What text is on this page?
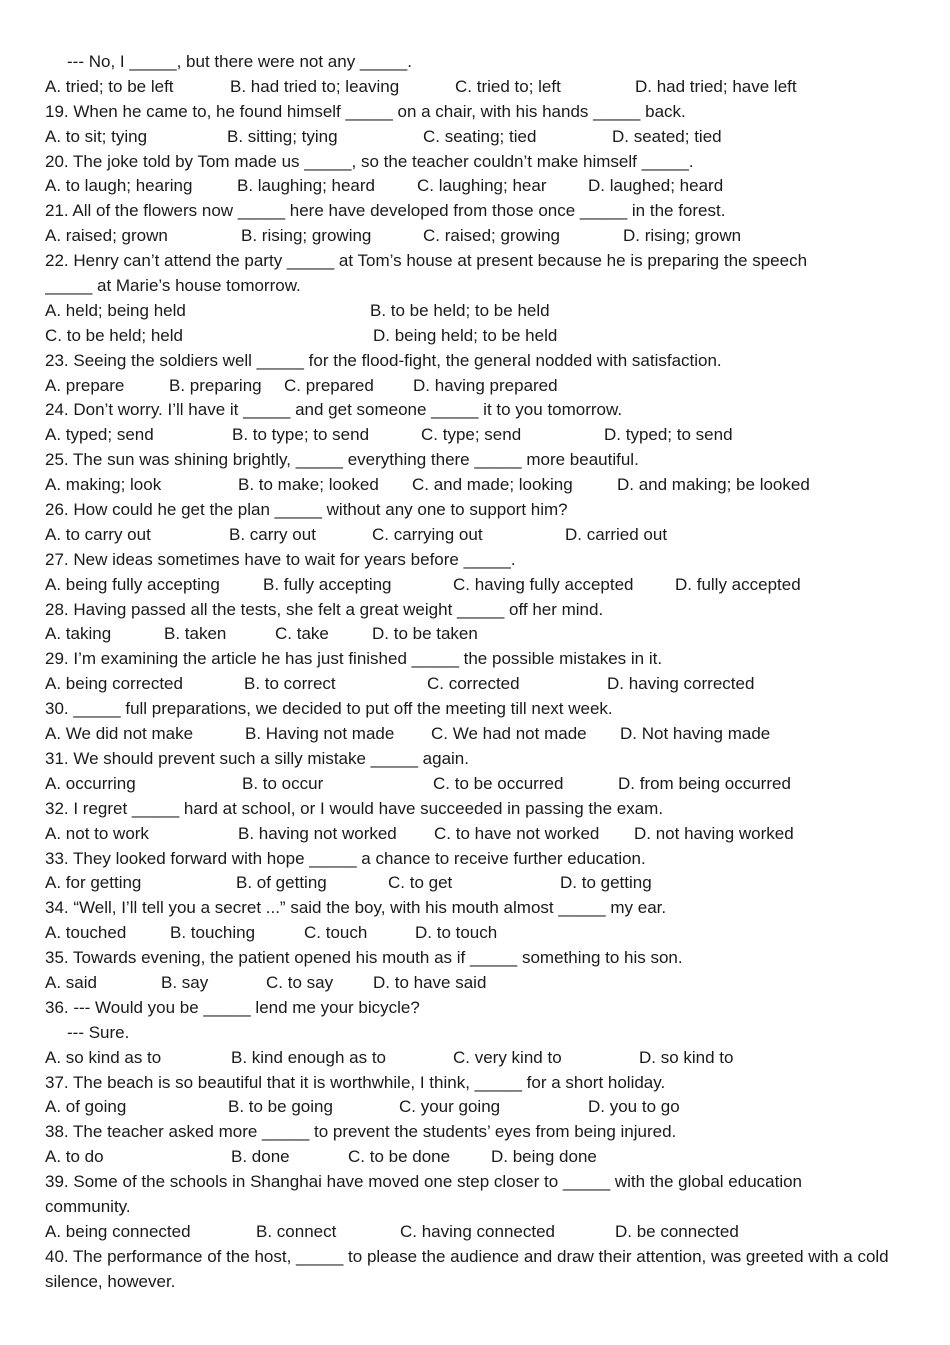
--- No, I _____, but there were not any _____.
A. tried; to be left	B. had tried to; leaving	C. tried to; left	D. had tried; have left
19. When he came to, he found himself _____ on a chair, with his hands _____ back.
A. to sit; tying	B. sitting; tying	C. seating; tied	D. seated; tied
20. The joke told by Tom made us _____, so the teacher couldn’t make himself _____.
A. to laugh; hearing	B. laughing; heard C. laughing; hear D. laughed; heard
21. All of the flowers now _____ here have developed from those once _____ in the forest.
A. raised; grown	B. rising; growing	C. raised; growing	D. rising; grown
22. Henry can’t attend the party _____ at Tom’s house at present because he is preparing the speech
_____ at Marie’s house tomorrow.
A. held; being held	B. to be held; to be held
C. to be held; held	D. being held; to be held
23. Seeing the soldiers well _____ for the flood-fight, the general nodded with satisfaction.
A. prepare	B. preparing C. prepared D. having prepared
24. Don’t worry. I’ll have it _____ and get someone _____ it to you tomorrow.
A. typed; send	B. to type; to send	C. type; send	D. typed; to send
25. The sun was shining brightly, _____ everything there _____ more beautiful.
A. making; look	B. to make; looked C. and made; looking	D. and making; be looked
26. How could he get the plan _____ without any one to support him?
A. to carry out	B. carry out	C. carrying out	D. carried out
27. New ideas sometimes have to wait for years before _____.
A. being fully accepting	B. fully accepting	C. having fully accepted D. fully accepted
28. Having passed all the tests, she felt a great weight _____ off her mind.
A. taking	B. taken	C. take	D. to be taken
29. I’m examining the article he has just finished _____ the possible mistakes in it.
A. being corrected	B. to correct	C. corrected	D. having corrected
30. _____ full preparations, we decided to put off the meeting till next week.
A. We did not make	B. Having not made C. We had not made D. Not having made
31. We should prevent such a silly mistake _____ again.
A. occurring	B. to occur	C. to be occurred	D. from being occurred
32. I regret _____ hard at school, or I would have succeeded in passing the exam.
A. not to work	B. having not worked C. to have not worked D. not having worked
33. They looked forward with hope _____ a chance to receive further education.
A. for getting	B. of getting	C. to get	D. to getting
34. “Well, I’ll tell you a secret ...” said the boy, with his mouth almost _____ my ear.
A. touched	B. touching	C. touch	D. to touch
35. Towards evening, the patient opened his mouth as if _____ something to his son.
A. said	B. say	C. to say D. to have said
36. --- Would you be _____ lend me your bicycle?
--- Sure.
A. so kind as to	B. kind enough as to	C. very kind to	D. so kind to
37. The beach is so beautiful that it is worthwhile, I think, _____ for a short holiday.
A. of going	B. to be going	C. your going	D. you to go
38. The teacher asked more _____ to prevent the students’ eyes from being injured.
A. to do	B. done	C. to be done D. being done
39. Some of the schools in Shanghai have moved one step closer to _____ with the global education
community.
A. being connected	B. connect	C. having connected	D. be connected
40. The performance of the host, _____ to please the audience and draw their attention, was greeted with a cold
silence, however.
